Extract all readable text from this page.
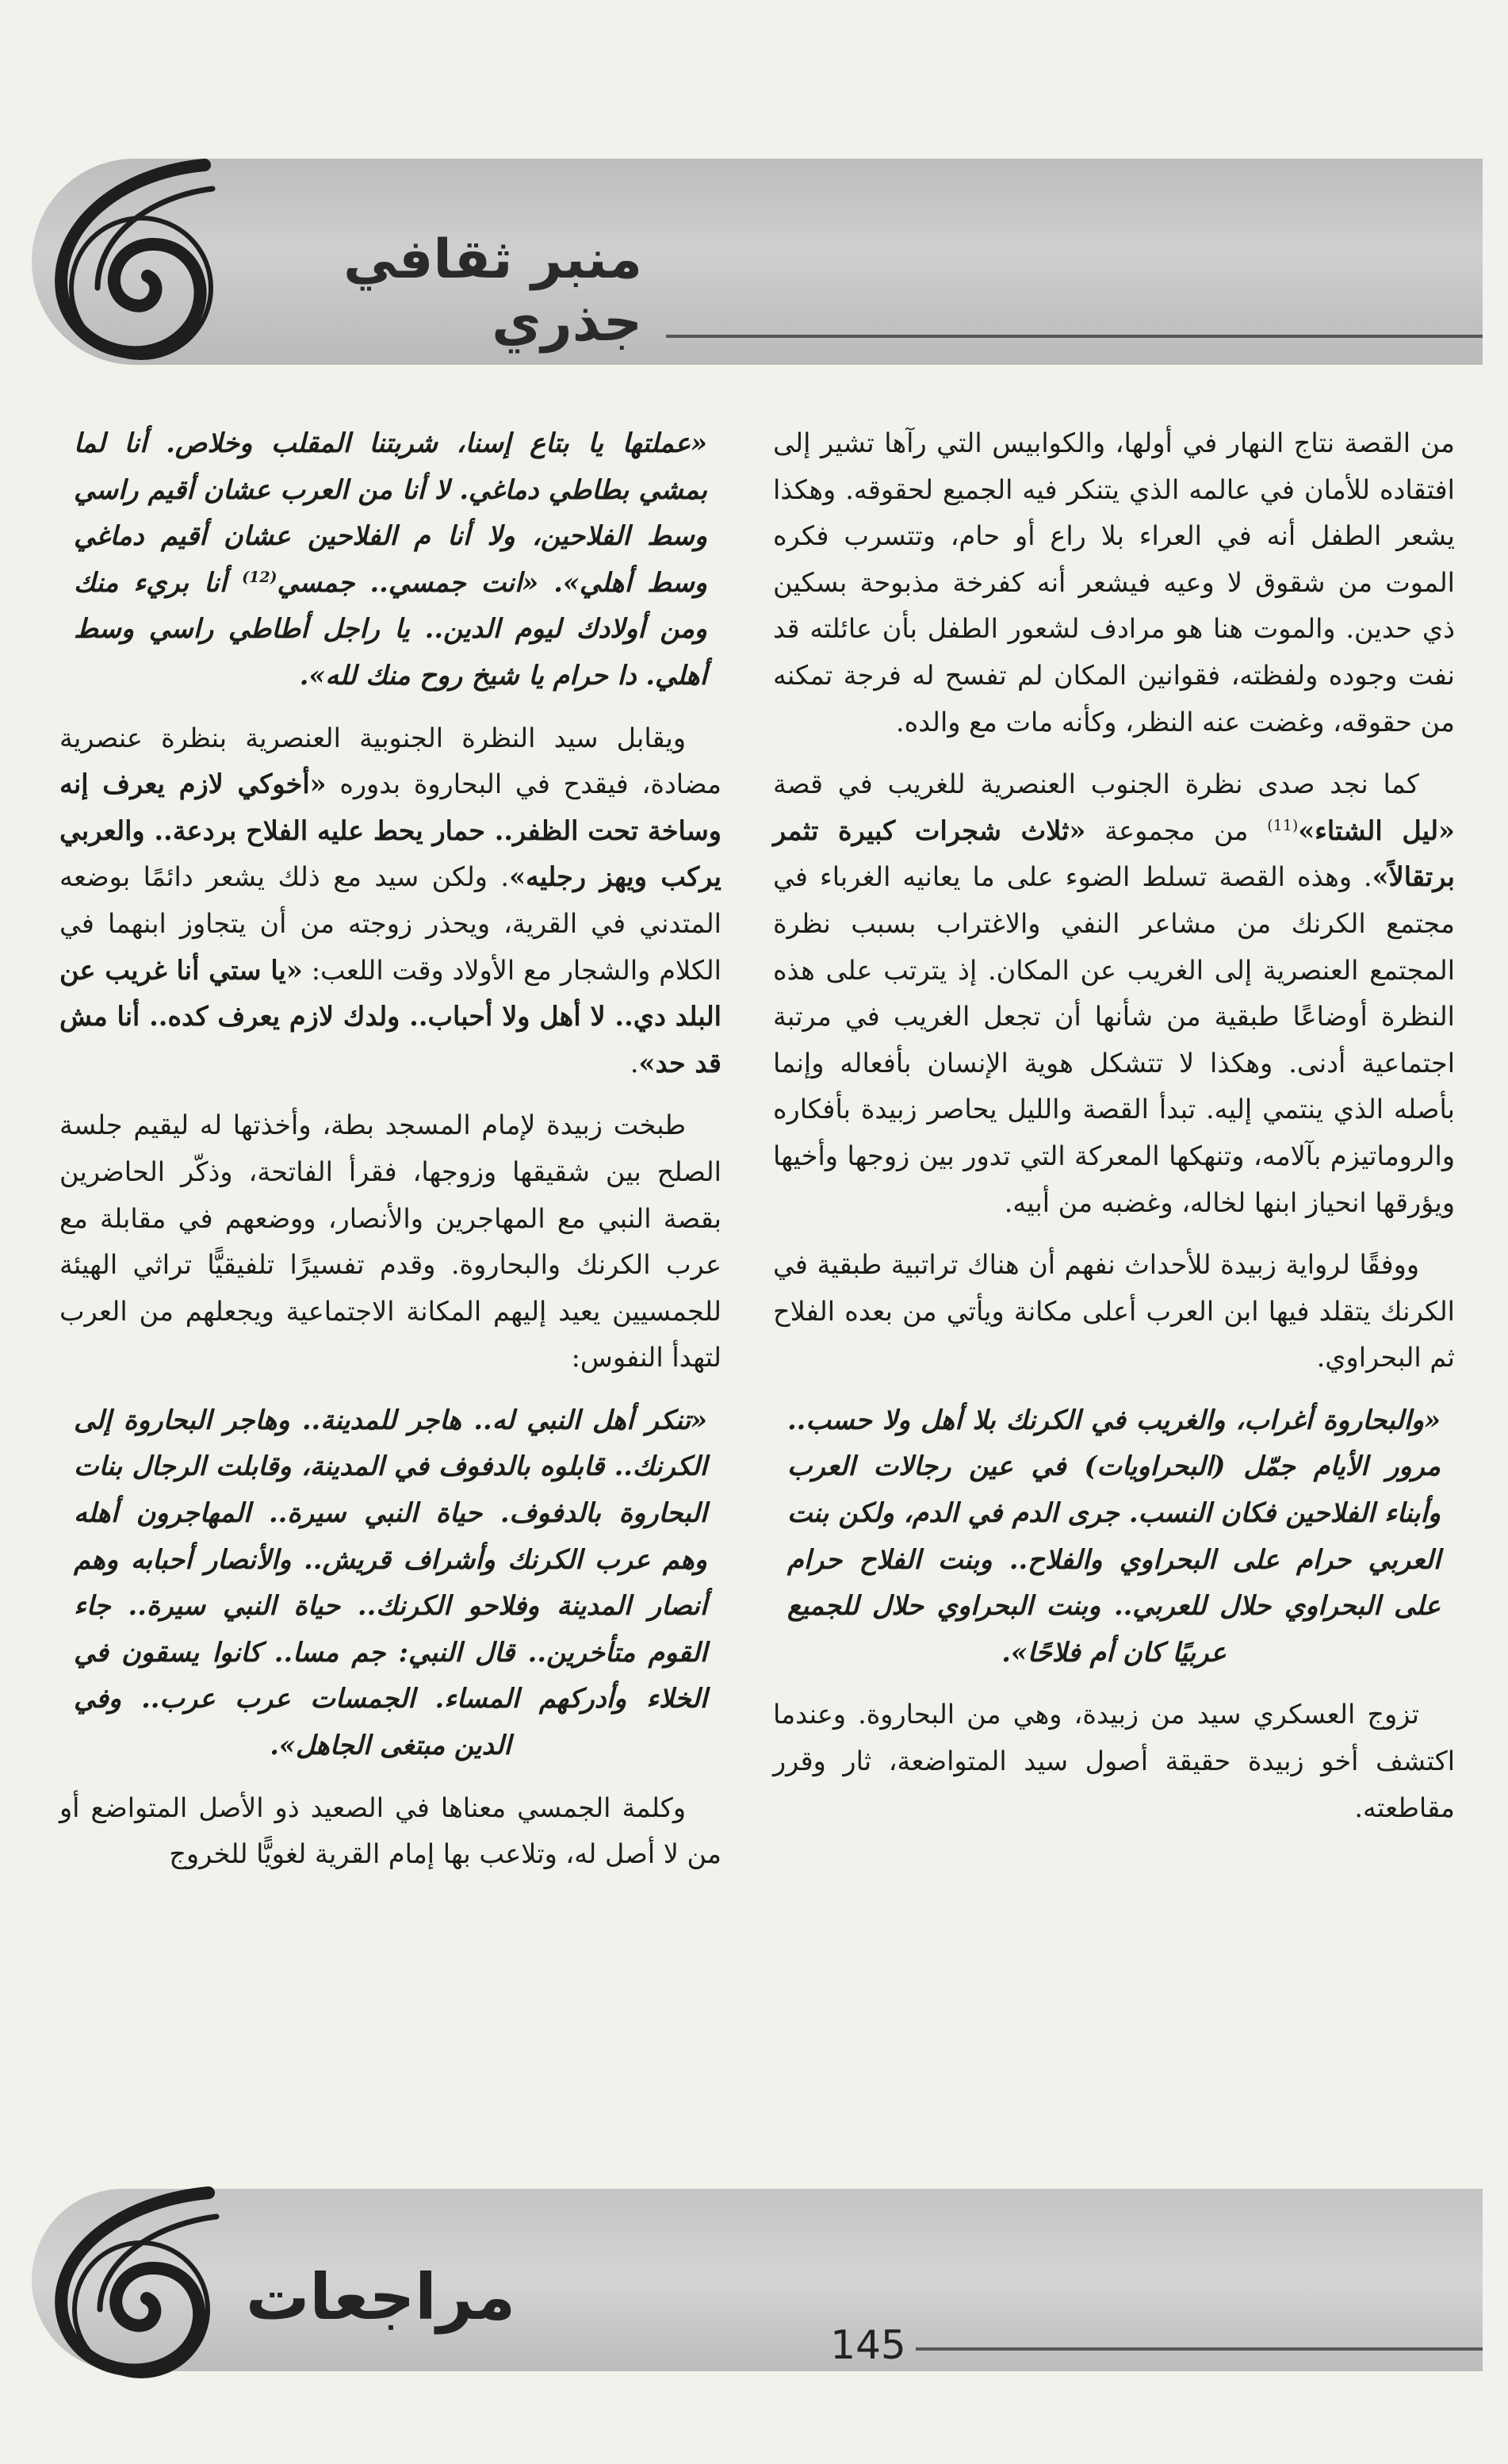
منبر ثقافي جذري

من القصة نتاج النهار في أولها، والكوابيس التي رآها تشير إلى افتقاده للأمان في عالمه الذي يتنكر فيه الجميع لحقوقه. وهكذا يشعر الطفل أنه في العراء بلا راع أو حام، وتتسرب فكره الموت من شقوق لا وعيه فيشعر أنه كفرخة مذبوحة بسكين ذي حدين. والموت هنا هو مرادف لشعور الطفل بأن عائلته قد نفت وجوده ولفظته، فقوانين المكان لم تفسح له فرجة تمكنه من حقوقه، وغضت عنه النظر، وكأنه مات مع والده.

كما نجد صدى نظرة الجنوب العنصرية للغريب في قصة «ليل الشتاء»$^{(11)}$ من مجموعة «ثلاث شجرات كبيرة تثمر برتقالاً». وهذه القصة تسلط الضوء على ما يعانيه الغرباء في مجتمع الكرنك من مشاعر النفي والاغتراب بسبب نظرة المجتمع العنصرية إلى الغريب عن المكان. إذ يترتب على هذه النظرة أوضاعًا طبقية من شأنها أن تجعل الغريب في مرتبة اجتماعية أدنى. وهكذا لا تتشكل هوية الإنسان بأفعاله وإنما بأصله الذي ينتمي إليه. تبدأ القصة والليل يحاصر زبيدة بأفكاره والروماتيزم بآلامه، وتنهكها المعركة التي تدور بين زوجها وأخيها ويؤرقها انحياز ابنها لخاله، وغضبه من أبيه.

ووفقًا لرواية زبيدة للأحداث نفهم أن هناك تراتبية طبقية في الكرنك يتقلد فيها ابن العرب أعلى مكانة ويأتي من بعده الفلاح ثم البحراوي.

«والبحاروة أغراب، والغريب في الكرنك بلا أهل ولا حسب.. مرور الأيام جمّل (البحراويات) في عين رجالات العرب وأبناء الفلاحين فكان النسب. جرى الدم في الدم، ولكن بنت العربي حرام على البحراوي والفلاح.. وبنت الفلاح حرام على البحراوي حلال للعربي.. وبنت البحراوي حلال للجميع عربيًا كان أم فلاحًا».

تزوج العسكري سيد من زبيدة، وهي من البحاروة. وعندما اكتشف أخو زبيدة حقيقة أصول سيد المتواضعة، ثار وقرر مقاطعته.

«عملتها يا بتاع إسنا، شربتنا المقلب وخلاص. أنا لما بمشي بطاطي دماغي. لا أنا من العرب عشان أقيم راسي وسط الفلاحين، ولا أنا م الفلاحين عشان أقيم دماغي وسط أهلي». «انت جمسي.. جمسي$^{(12)}$ أنا بريء منك ومن أولادك ليوم الدين.. يا راجل أطاطي راسي وسط أهلي. دا حرام يا شيخ روح منك لله».

ويقابل سيد النظرة الجنوبية العنصرية بنظرة عنصرية مضادة، فيقدح في البحاروة بدوره «أخوكي لازم يعرف إنه وساخة تحت الظفر.. حمار يحط عليه الفلاح بردعة.. والعربي يركب ويهز رجليه». ولكن سيد مع ذلك يشعر دائمًا بوضعه المتدني في القرية، ويحذر زوجته من أن يتجاوز ابنهما في الكلام والشجار مع الأولاد وقت اللعب: «يا ستي أنا غريب عن البلد دي.. لا أهل ولا أحباب.. ولدك لازم يعرف كده.. أنا مش قد حد».

طبخت زبيدة لإمام المسجد بطة، وأخذتها له ليقيم جلسة الصلح بين شقيقها وزوجها، فقرأ الفاتحة، وذكّر الحاضرين بقصة النبي مع المهاجرين والأنصار، ووضعهم في مقابلة مع عرب الكرنك والبحاروة. وقدم تفسيرًا تلفيقيًّا تراثي الهيئة للجمسيين يعيد إليهم المكانة الاجتماعية ويجعلهم من العرب لتهدأ النفوس:

«تنكر أهل النبي له.. هاجر للمدينة.. وهاجر البحاروة إلى الكرنك.. قابلوه بالدفوف في المدينة، وقابلت الرجال بنات البحاروة بالدفوف. حياة النبي سيرة.. المهاجرون أهله وهم عرب الكرنك وأشراف قريش.. والأنصار أحبابه وهم أنصار المدينة وفلاحو الكرنك.. حياة النبي سيرة.. جاء القوم متأخرين.. قال النبي: جم مسا.. كانوا يسقون في الخلاء وأدركهم المساء. الجمسات عرب عرب.. وفي الدين مبتغى الجاهل».

وكلمة الجمسي معناها في الصعيد ذو الأصل المتواضع أو من لا أصل له، وتلاعب بها إمام القرية لغويًّا للخروج

مراجعات
145
